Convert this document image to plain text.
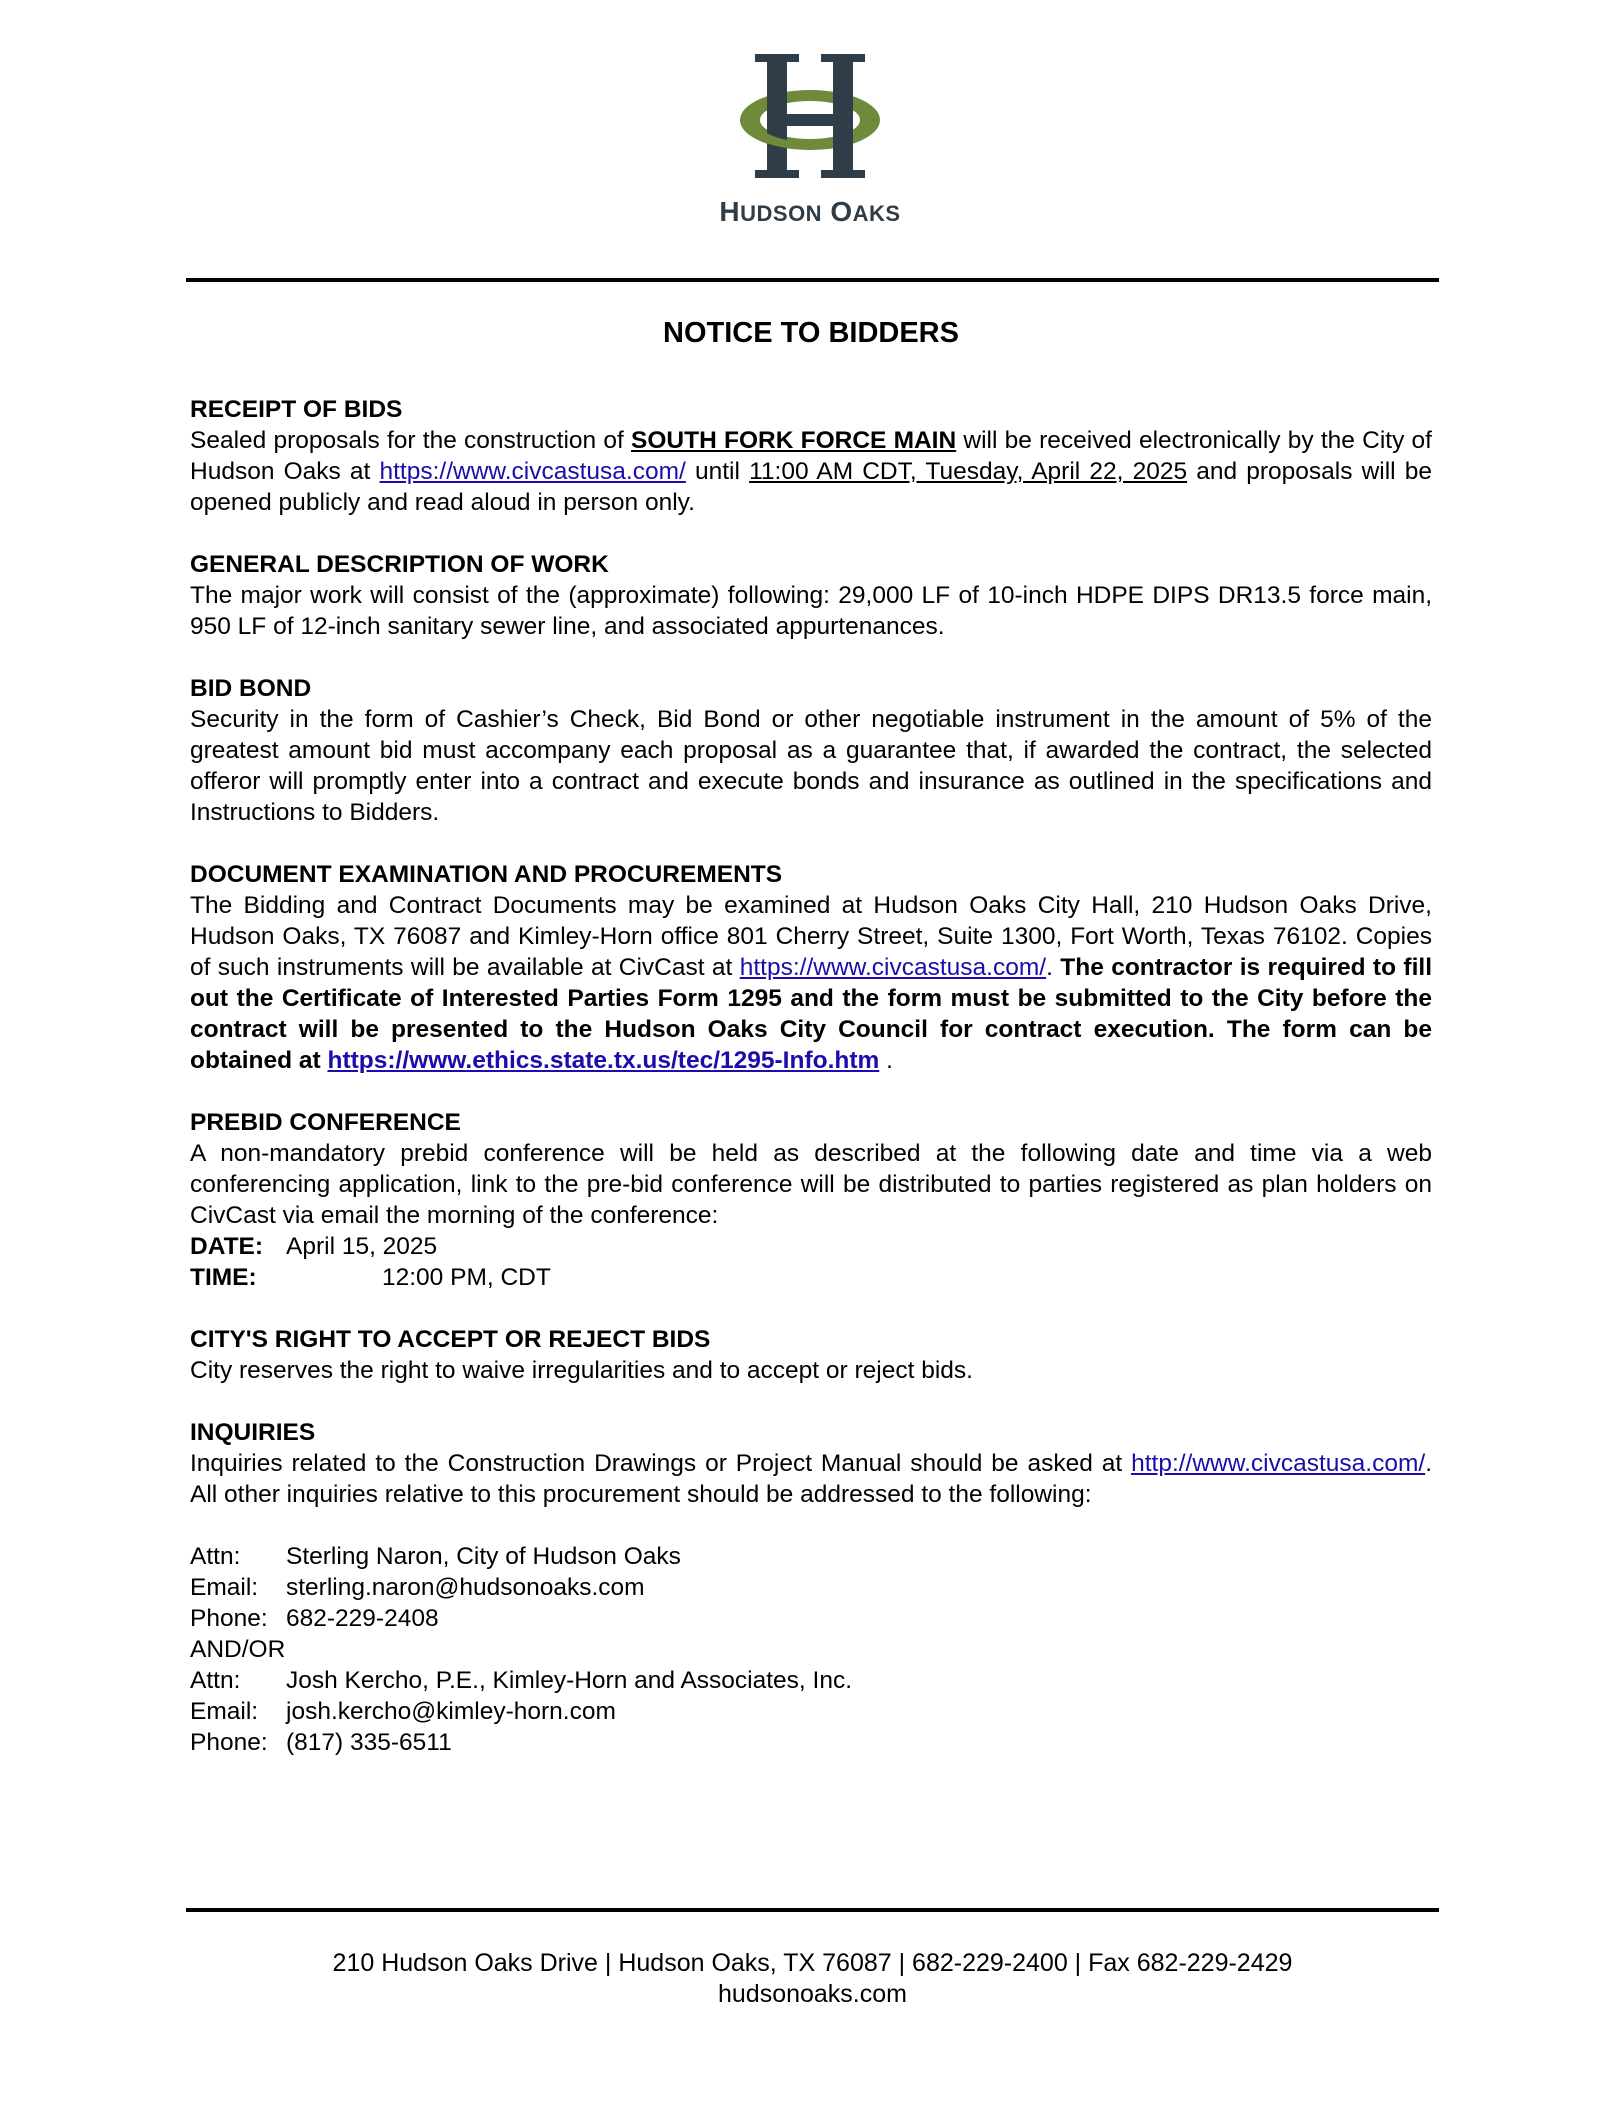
HUDSON OAKS
NOTICE TO BIDDERS
RECEIPT OF BIDS
Sealed proposals for the construction of SOUTH FORK FORCE MAIN will be received electronically by the City of Hudson Oaks at https://www.civcastusa.com/ until 11:00 AM CDT, Tuesday, April 22, 2025 and proposals will be opened publicly and read aloud in person only.
GENERAL DESCRIPTION OF WORK
The major work will consist of the (approximate) following: 29,000 LF of 10-inch HDPE DIPS DR13.5 force main, 950 LF of 12-inch sanitary sewer line, and associated appurtenances.
BID BOND
Security in the form of Cashier’s Check, Bid Bond or other negotiable instrument in the amount of 5% of the greatest amount bid must accompany each proposal as a guarantee that, if awarded the contract, the selected offeror will promptly enter into a contract and execute bonds and insurance as outlined in the specifications and Instructions to Bidders.
DOCUMENT EXAMINATION AND PROCUREMENTS
The Bidding and Contract Documents may be examined at Hudson Oaks City Hall, 210 Hudson Oaks Drive, Hudson Oaks, TX 76087 and Kimley-Horn office 801 Cherry Street, Suite 1300, Fort Worth, Texas 76102. Copies of such instruments will be available at CivCast at https://www.civcastusa.com/. The contractor is required to fill out the Certificate of Interested Parties Form 1295 and the form must be submitted to the City before the contract will be presented to the Hudson Oaks City Council for contract execution. The form can be obtained at https://www.ethics.state.tx.us/tec/1295-Info.htm .
PREBID CONFERENCE
A non-mandatory prebid conference will be held as described at the following date and time via a web conferencing application, link to the pre-bid conference will be distributed to parties registered as plan holders on CivCast via email the morning of the conference:
DATE: April 15, 2025
TIME:	12:00 PM, CDT
CITY'S RIGHT TO ACCEPT OR REJECT BIDS
City reserves the right to waive irregularities and to accept or reject bids.
INQUIRIES
Inquiries related to the Construction Drawings or Project Manual should be asked at http://www.civcastusa.com/. All other inquiries relative to this procurement should be addressed to the following:
Attn:	Sterling Naron, City of Hudson Oaks
Email:	sterling.naron@hudsonoaks.com
Phone: 682-229-2408
AND/OR
Attn:	Josh Kercho, P.E., Kimley-Horn and Associates, Inc.
Email:	josh.kercho@kimley-horn.com
Phone: (817) 335-6511
210 Hudson Oaks Drive | Hudson Oaks, TX 76087 | 682-229-2400 | Fax 682-229-2429
hudsonoaks.com
